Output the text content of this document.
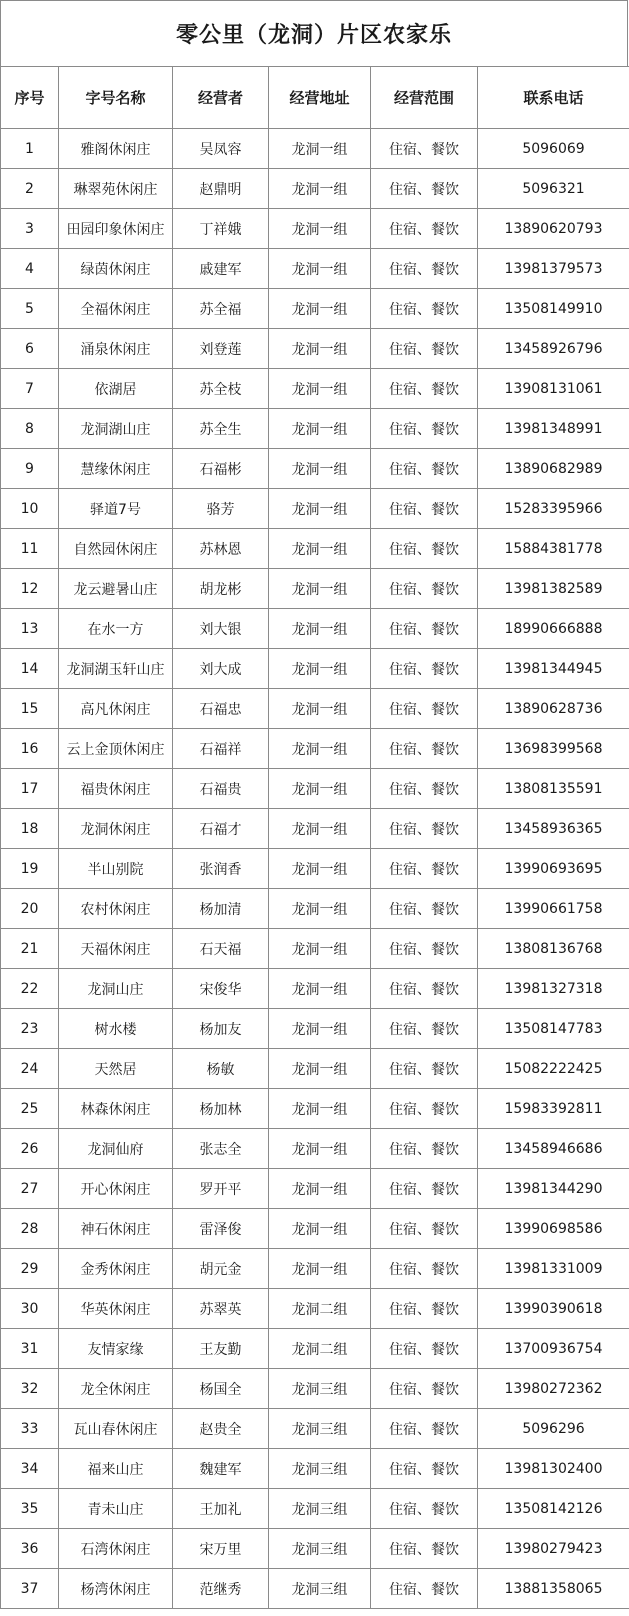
零公里（龙洞）片区农家乐
序号	字号名称	经营者	经营地址	经营范围	联系电话
1	雅阁休闲庄	吴凤容	龙洞一组	住宿、餐饮	5096069
2	琳翠苑休闲庄	赵鼎明	龙洞一组	住宿、餐饮	5096321
3	田园印象休闲庄	丁祥娥	龙洞一组	住宿、餐饮	13890620793
4	绿茵休闲庄	戚建军	龙洞一组	住宿、餐饮	13981379573
5	全福休闲庄	苏全福	龙洞一组	住宿、餐饮	13508149910
6	涌泉休闲庄	刘登莲	龙洞一组	住宿、餐饮	13458926796
7	依湖居	苏全枝	龙洞一组	住宿、餐饮	13908131061
8	龙洞湖山庄	苏全生	龙洞一组	住宿、餐饮	13981348991
9	慧缘休闲庄	石福彬	龙洞一组	住宿、餐饮	13890682989
10	驿道7号	骆芳	龙洞一组	住宿、餐饮	15283395966
11	自然园休闲庄	苏林恩	龙洞一组	住宿、餐饮	15884381778
12	龙云避暑山庄	胡龙彬	龙洞一组	住宿、餐饮	13981382589
13	在水一方	刘大银	龙洞一组	住宿、餐饮	18990666888
14	龙洞湖玉轩山庄	刘大成	龙洞一组	住宿、餐饮	13981344945
15	高凡休闲庄	石福忠	龙洞一组	住宿、餐饮	13890628736
16	云上金顶休闲庄	石福祥	龙洞一组	住宿、餐饮	13698399568
17	福贵休闲庄	石福贵	龙洞一组	住宿、餐饮	13808135591
18	龙洞休闲庄	石福才	龙洞一组	住宿、餐饮	13458936365
19	半山别院	张润香	龙洞一组	住宿、餐饮	13990693695
20	农村休闲庄	杨加清	龙洞一组	住宿、餐饮	13990661758
21	天福休闲庄	石天福	龙洞一组	住宿、餐饮	13808136768
22	龙洞山庄	宋俊华	龙洞一组	住宿、餐饮	13981327318
23	树水楼	杨加友	龙洞一组	住宿、餐饮	13508147783
24	天然居	杨敏	龙洞一组	住宿、餐饮	15082222425
25	林森休闲庄	杨加林	龙洞一组	住宿、餐饮	15983392811
26	龙洞仙府	张志全	龙洞一组	住宿、餐饮	13458946686
27	开心休闲庄	罗开平	龙洞一组	住宿、餐饮	13981344290
28	神石休闲庄	雷泽俊	龙洞一组	住宿、餐饮	13990698586
29	金秀休闲庄	胡元金	龙洞一组	住宿、餐饮	13981331009
30	华英休闲庄	苏翠英	龙洞二组	住宿、餐饮	13990390618
31	友情家缘	王友勤	龙洞二组	住宿、餐饮	13700936754
32	龙全休闲庄	杨国全	龙洞三组	住宿、餐饮	13980272362
33	瓦山春休闲庄	赵贵全	龙洞三组	住宿、餐饮	5096296
34	福来山庄	魏建军	龙洞三组	住宿、餐饮	13981302400
35	青未山庄	王加礼	龙洞三组	住宿、餐饮	13508142126
36	石湾休闲庄	宋万里	龙洞三组	住宿、餐饮	13980279423
37	杨湾休闲庄	范继秀	龙洞三组	住宿、餐饮	13881358065
